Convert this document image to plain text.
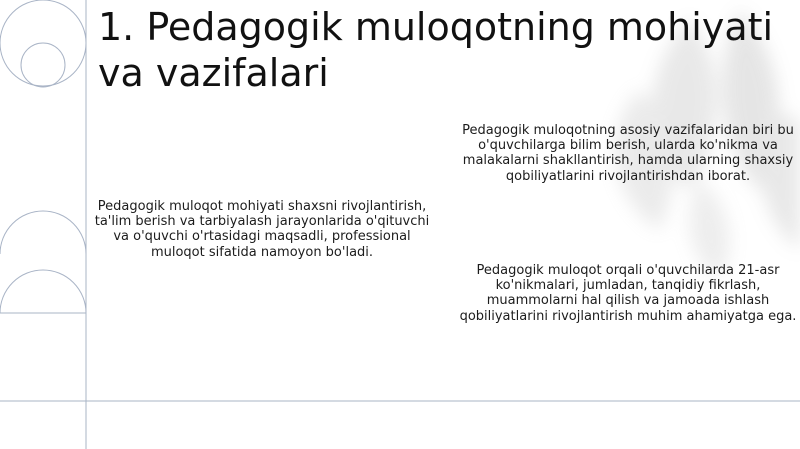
1. Pedagogik muloqotning mohiyati va vazifalari

Pedagogik muloqot mohiyati shaxsni rivojlantirish, ta'lim berish va tarbiyalash jarayonlarida o'qituvchi va o'quvchi o'rtasidagi maqsadli, professional muloqot sifatida namoyon bo'ladi.

Pedagogik muloqotning asosiy vazifalaridan biri bu o'quvchilarga bilim berish, ularda ko'nikma va malakalarni shakllantirish, hamda ularning shaxsiy qobiliyatlarini rivojlantirishdan iborat.

Pedagogik muloqot orqali o'quvchilarda 21-asr ko'nikmalari, jumladan, tanqidiy fikrlash, muammolarni hal qilish va jamoada ishlash qobiliyatlarini rivojlantirish muhim ahamiyatga ega.
